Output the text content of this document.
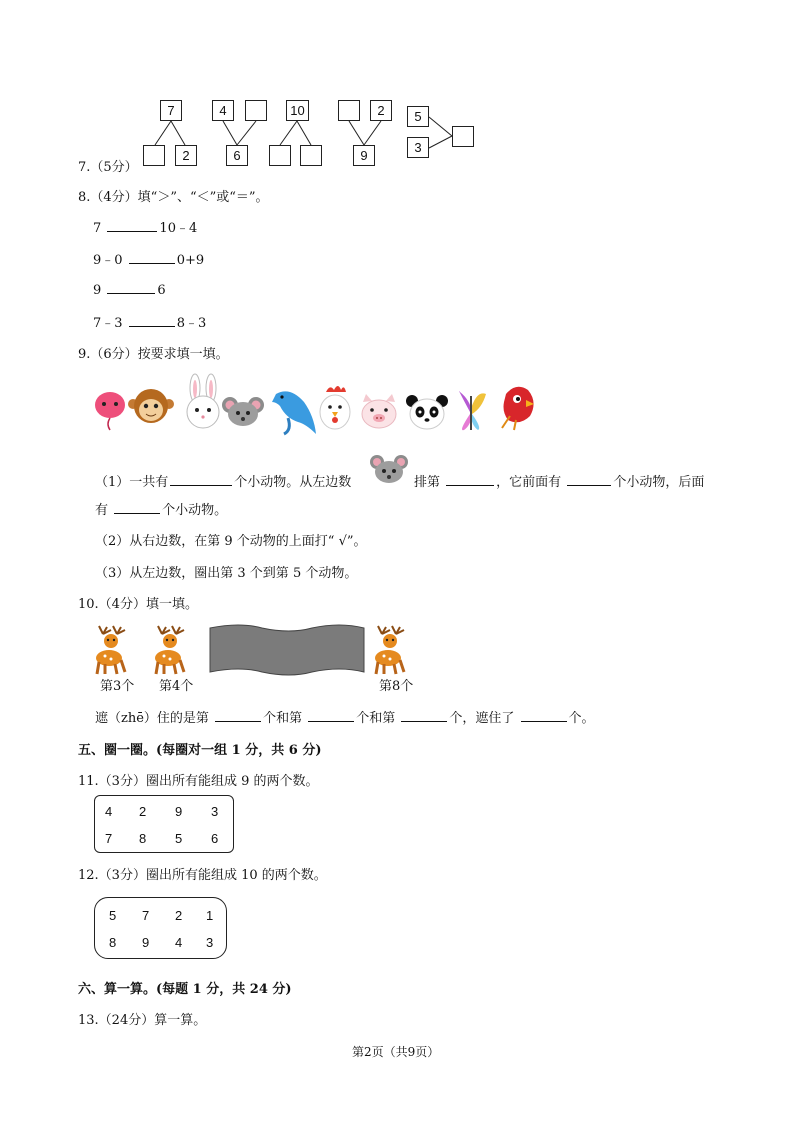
7
2
4
6
10	2
9
5
3
7.（5分）
8.（4分）填“＞”、“＜”或“＝”。
7	10﹣4
9﹣0	0+9
9	6
7﹣3	8﹣3
9.（6分）按要求填一填。
（1）一共有	个小动物。从左边数	排第	，它前面有	个小动物，后面
有	个小动物。
（2）从右边数，在第 9 个动物的上面打“ √”。
（3）从左边数，圈出第 3 个到第 5 个动物。
10.（4分）填一填。
第3个 第4个	第8个
遮（zhē）住的是第	个和第	个和第	个，遮住了	个。
五、圈一圈。(每圈对一组 1 分，共 6 分)
11.（3分）圈出所有能组成 9 的两个数。
4 2 9 3
7 8 5 6
12.（3分）圈出所有能组成 10 的两个数。
5 7 2 1
8 9 4 3
六、算一算。(每题 1 分，共 24 分)
13.（24分）算一算。
第2页（共9页）
